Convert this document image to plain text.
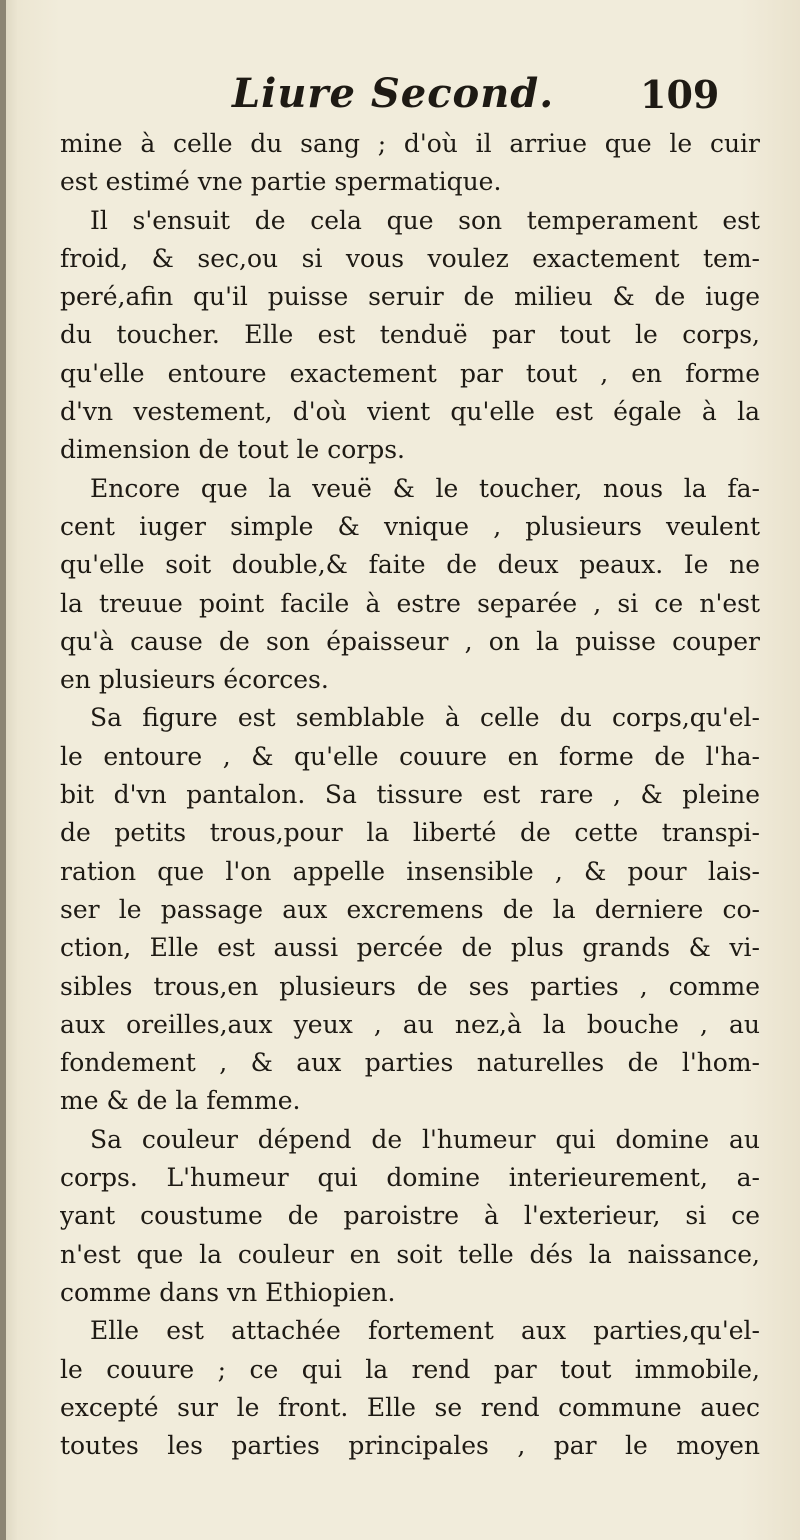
Liure Second. 109
mine à celle du sang ; d'où il arriue que le cuir
est estimé vne partie spermatique.
Il s'ensuit de cela que son temperament est
froid, & sec,ou si vous voulez exactement tem-
peré,afin qu'il puisse seruir de milieu & de iuge
du toucher. Elle est tenduë par tout le corps,
qu'elle entoure exactement par tout , en forme
d'vn vestement, d'où vient qu'elle est égale à la
dimension de tout le corps.
Encore que la veuë & le toucher, nous la fa-
cent iuger simple & vnique , plusieurs veulent
qu'elle soit double,& faite de deux peaux. Ie ne
la treuue point facile à estre separée , si ce n'est
qu'à cause de son épaisseur , on la puisse couper
en plusieurs écorces.
Sa figure est semblable à celle du corps,qu'el-
le entoure , & qu'elle couure en forme de l'ha-
bit d'vn pantalon. Sa tissure est rare , & pleine
de petits trous,pour la liberté de cette transpi-
ration que l'on appelle insensible , & pour lais-
ser le passage aux excremens de la derniere co-
ction, Elle est aussi percée de plus grands & vi-
sibles trous,en plusieurs de ses parties , comme
aux oreilles,aux yeux , au nez,à la bouche , au
fondement , & aux parties naturelles de l'hom-
me & de la femme.
Sa couleur dépend de l'humeur qui domine au
corps. L'humeur qui domine interieurement, a-
yant coustume de paroistre à l'exterieur, si ce
n'est que la couleur en soit telle dés la naissance,
comme dans vn Ethiopien.
Elle est attachée fortement aux parties,qu'el-
le couure ; ce qui la rend par tout immobile,
excepté sur le front. Elle se rend commune auec
toutes les parties principales , par le moyen
